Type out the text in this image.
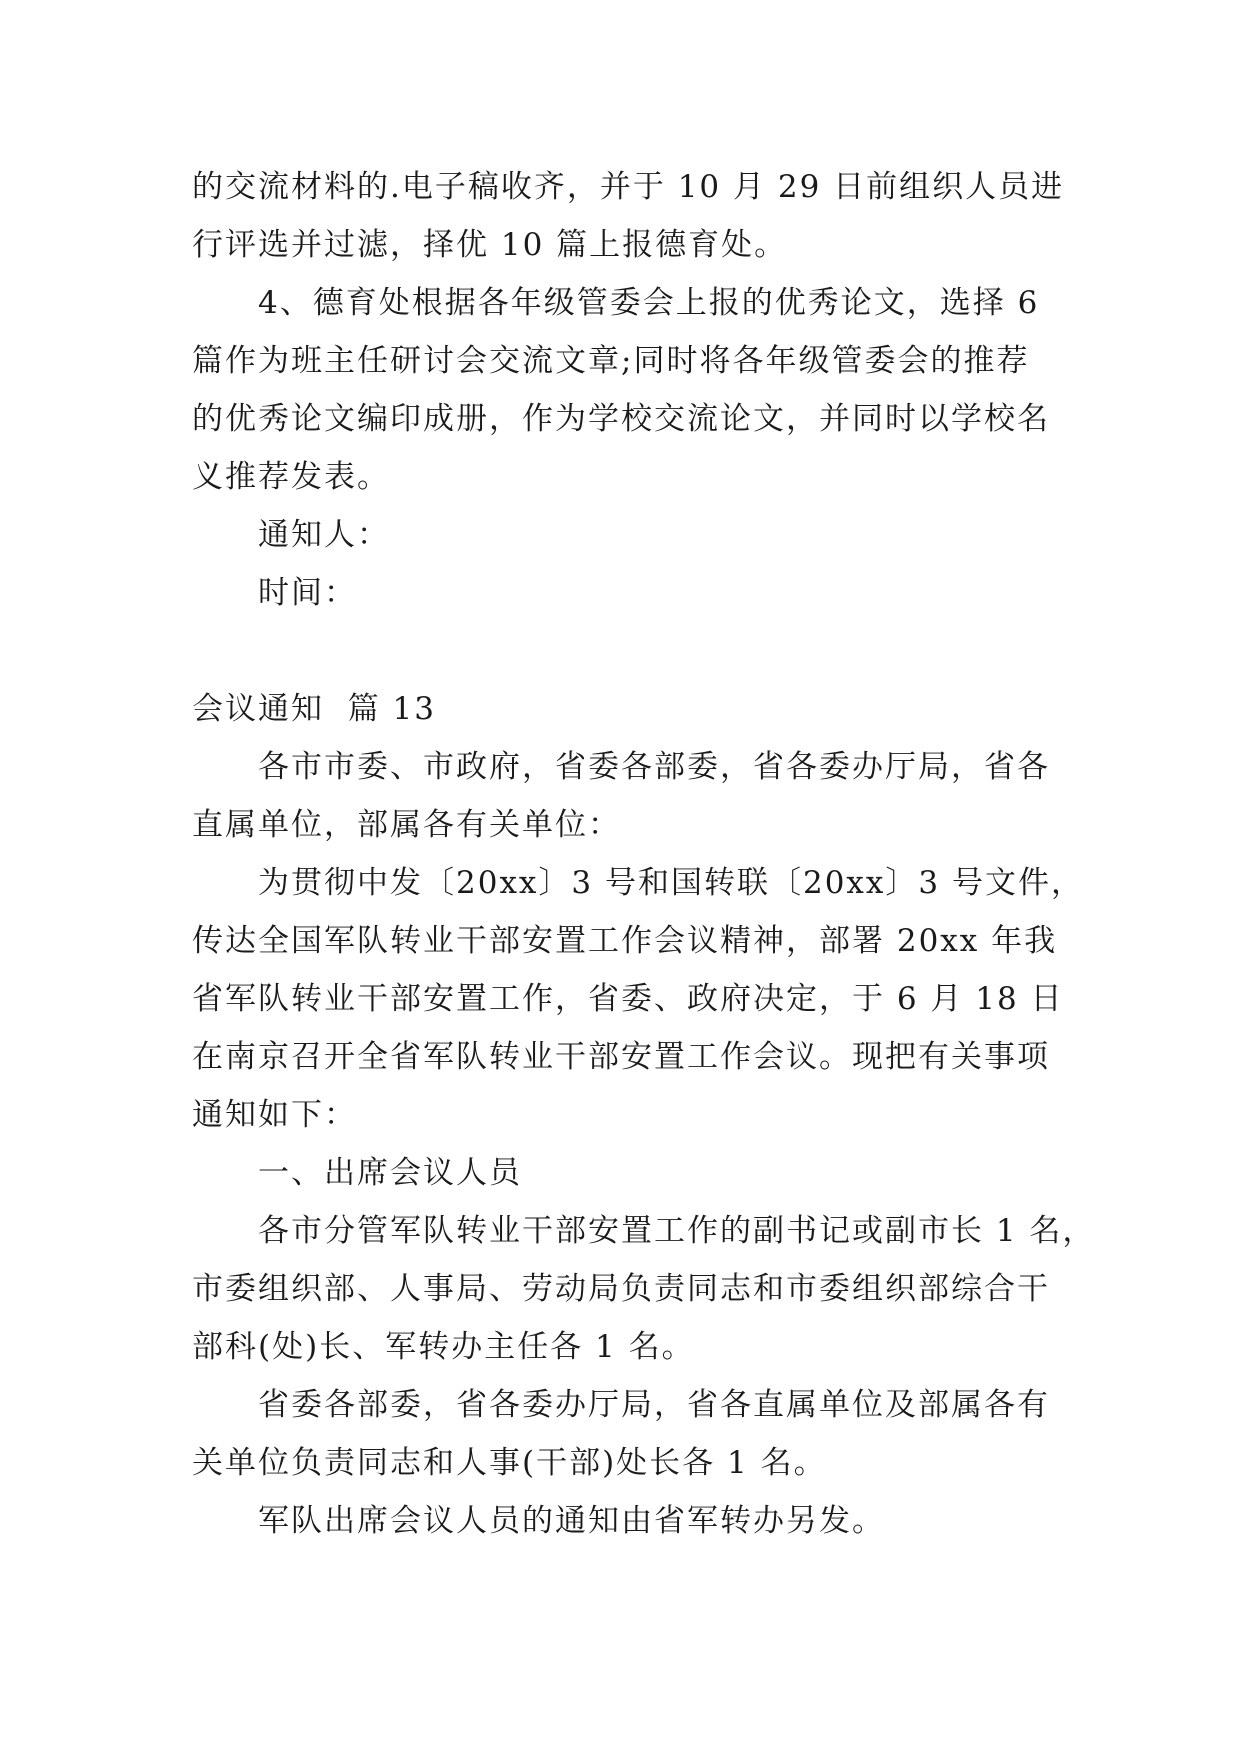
的交流材料的.电子稿收齐，并于 10 月 29 日前组织人员进
行评选并过滤，择优 10 篇上报德育处。
4、德育处根据各年级管委会上报的优秀论文，选择 6
篇作为班主任研讨会交流文章;同时将各年级管委会的推荐
的优秀论文编印成册，作为学校交流论文，并同时以学校名
义推荐发表。
通知人：
时间：
会议通知  篇 13
各市市委、市政府，省委各部委，省各委办厅局，省各
直属单位，部属各有关单位：
为贯彻中发〔20xx〕3 号和国转联〔20xx〕3 号文件，
传达全国军队转业干部安置工作会议精神，部署 20xx 年我
省军队转业干部安置工作，省委、政府决定，于 6 月 18 日
在南京召开全省军队转业干部安置工作会议。现把有关事项
通知如下：
一、出席会议人员
各市分管军队转业干部安置工作的副书记或副市长 1 名，
市委组织部、人事局、劳动局负责同志和市委组织部综合干
部科(处)长、军转办主任各 1 名。
省委各部委，省各委办厅局，省各直属单位及部属各有
关单位负责同志和人事(干部)处长各 1 名。
军队出席会议人员的通知由省军转办另发。
